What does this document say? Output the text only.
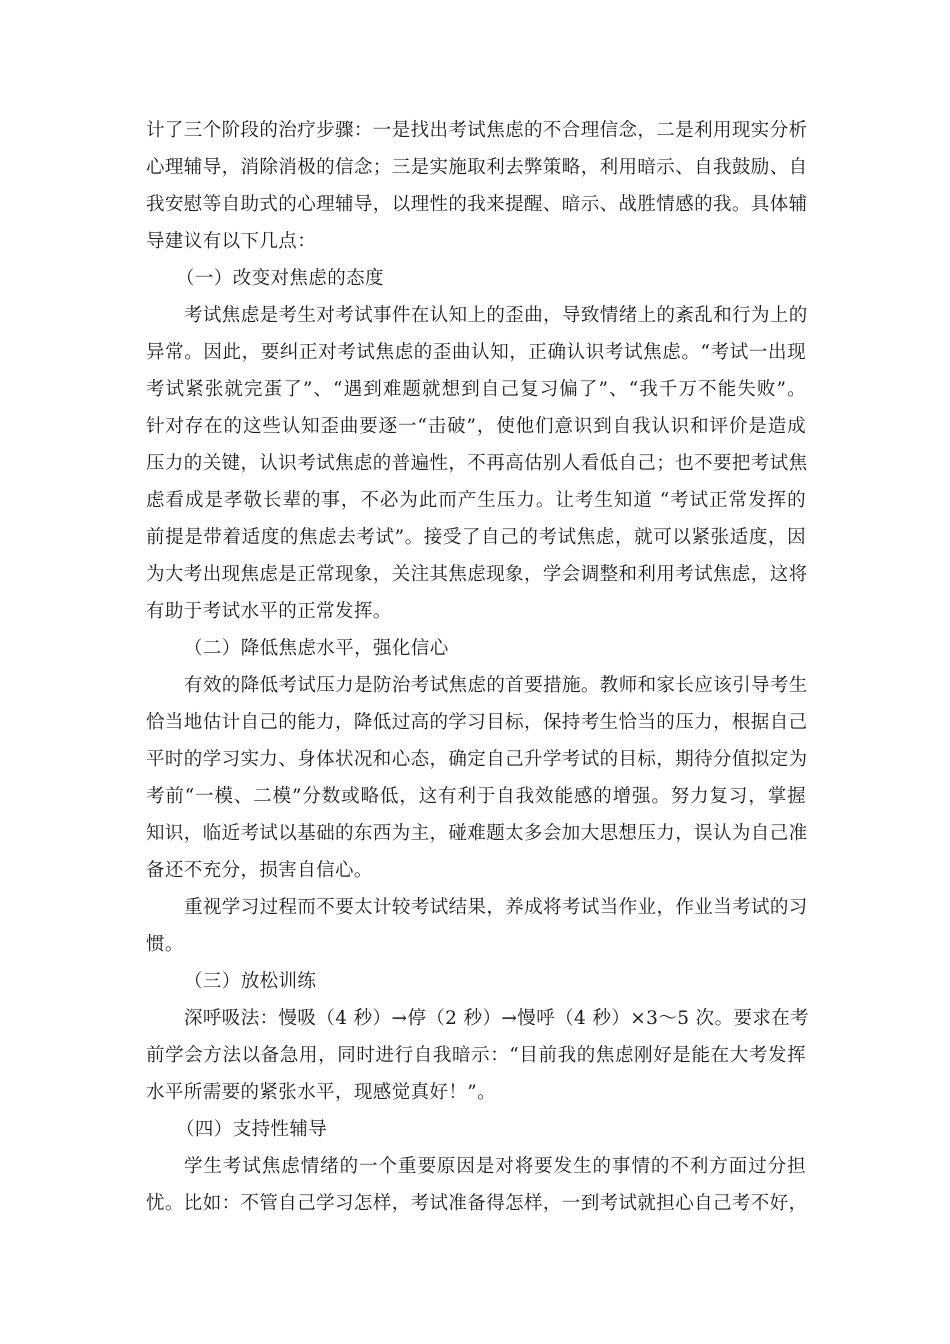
计了三个阶段的治疗步骤：一是找出考试焦虑的不合理信念，二是利用现实分析
心理辅导，消除消极的信念；三是实施取利去弊策略，利用暗示、自我鼓励、自
我安慰等自助式的心理辅导，以理性的我来提醒、暗示、战胜情感的我。具体辅
导建议有以下几点：
（一）改变对焦虑的态度
考试焦虑是考生对考试事件在认知上的歪曲，导致情绪上的紊乱和行为上的
异常。因此，要纠正对考试焦虑的歪曲认知，正确认识考试焦虑。“考试一出现
考试紧张就完蛋了”、“遇到难题就想到自己复习偏了”、“我千万不能失败”。
针对存在的这些认知歪曲要逐一“击破”，使他们意识到自我认识和评价是造成
压力的关键，认识考试焦虑的普遍性，不再高估别人看低自己；也不要把考试焦
虑看成是孝敬长辈的事，不必为此而产生压力。让考生知道 “考试正常发挥的
前提是带着适度的焦虑去考试”。接受了自己的考试焦虑，就可以紧张适度，因
为大考出现焦虑是正常现象，关注其焦虑现象，学会调整和利用考试焦虑，这将
有助于考试水平的正常发挥。
（二）降低焦虑水平，强化信心
有效的降低考试压力是防治考试焦虑的首要措施。教师和家长应该引导考生
恰当地估计自己的能力，降低过高的学习目标，保持考生恰当的压力，根据自己
平时的学习实力、身体状况和心态，确定自己升学考试的目标，期待分值拟定为
考前“一模、二模”分数或略低，这有利于自我效能感的增强。努力复习，掌握
知识，临近考试以基础的东西为主，碰难题太多会加大思想压力，误认为自己准
备还不充分，损害自信心。
重视学习过程而不要太计较考试结果，养成将考试当作业，作业当考试的习
惯。
（三）放松训练
深呼吸法：慢吸（4 秒）→停（2 秒）→慢呼（4 秒）×3～5 次。要求在考
前学会方法以备急用，同时进行自我暗示：“目前我的焦虑刚好是能在大考发挥
水平所需要的紧张水平，现感觉真好！”。
（四）支持性辅导
学生考试焦虑情绪的一个重要原因是对将要发生的事情的不利方面过分担
忧。比如：不管自己学习怎样，考试准备得怎样，一到考试就担心自己考不好，
